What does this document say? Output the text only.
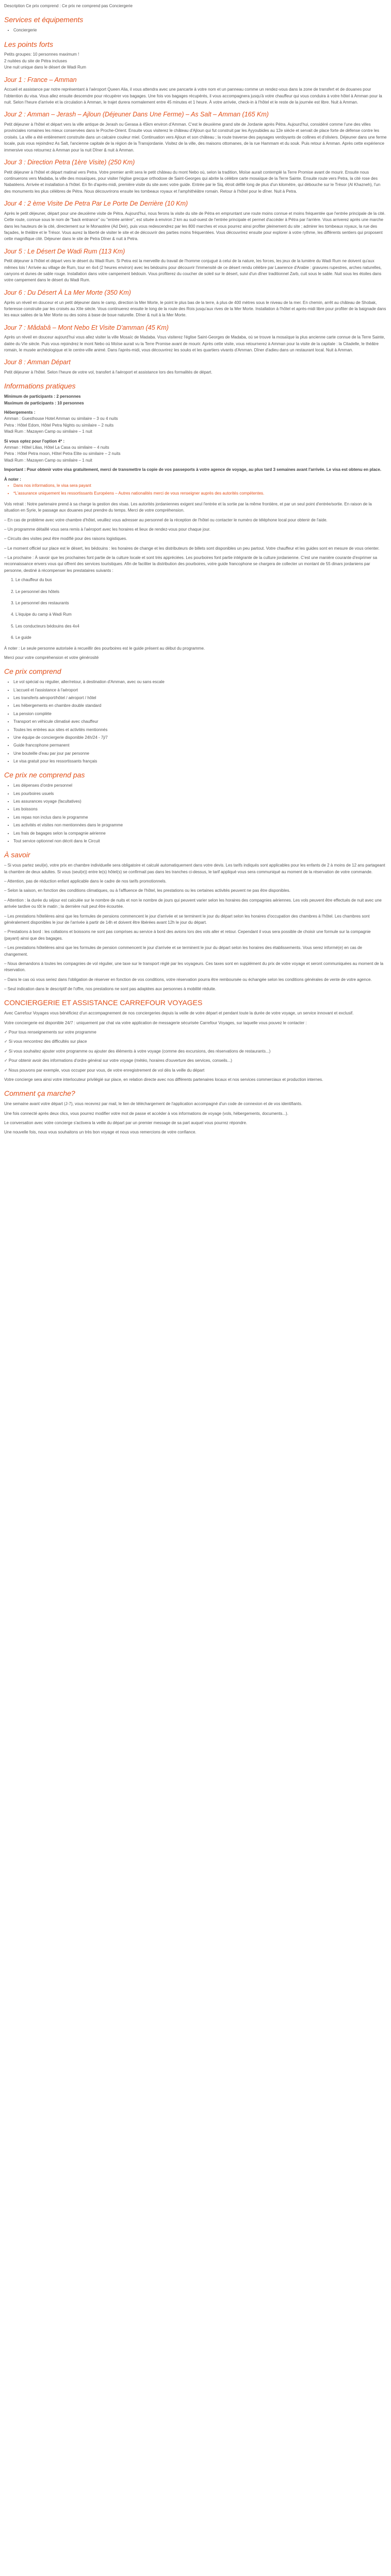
Description Ce prix comprend : Ce prix ne comprend pas Conciergerie

Services et équipements
• Conciergerie
Les points forts

Petits groupes: 10 personnes maximum !

2 nuitées du site de Pétra incluses

Une nuit unique dans le désert de Wadi Rum

Jour 1 : France – Amman

Accueil et assistance par notre représentant à l'aéroport Queen Alia, il vous attendra avec une pancarte à votre nom et un panneau comme un rendez-vous dans la zone de transfert et de douanes pour l'obtention du visa. Vous allez ensuite descendre pour récupérer vos bagages. Une fois vos bagages récupérés, il vous accompagnera jusqu'à votre chauffeur qui vous conduira à votre hôtel à Amman pour la nuit. Selon l'heure d'arrivée et la circulation à Amman, le trajet durera normalement entre 45 minutes et 1 heure. À votre arrivée, check-in à l'hôtel et le reste de la journée est libre. Nuit à Amman.

Jour 2 : Amman – Jerash – Ajloun (Déjeuner Dans Une Ferme) – As Salt – Amman (165 Km)

Petit déjeuner à l'hôtel et départ vers la ville antique de Jerash ou Gerasa à 45km environ d'Amman. C'est le deuxième grand site de Jordanie après Pétra. Aujourd'hui, considéré comme l'une des villes provinciales romaines les mieux conservées dans le Proche-Orient. Ensuite vous visiterez le château d'Ajloun qui fut construit par les Ayyoubides au 12e siècle et servait de place forte de défense contre les croisés. La ville a été entièrement construite dans un calcaire couleur miel. Continuation vers Ajloun et son château ; la route traverse des paysages verdoyants de collines et d'oliviers. Déjeuner dans une ferme locale, puis vous rejoindrez As Salt, l'ancienne capitale de la région de la Transjordanie. Visitez de la ville, des maisons ottomanes, de la rue Hammam et du souk. Puis retour à Amman. Après cette expérience immersive vous retournez à Amman pour la nuit Dîner & nuit à Amman.

Jour 3 : Direction Petra (1ère Visite) (250 Km)

Petit déjeuner à l'hôtel et départ matinal vers Petra. Votre premier arrêt sera le petit château du mont Nebo où, selon la tradition, Moïse aurait contemplé la Terre Promise avant de mourir. Ensuite nous continuerons vers Madaba, la ville des mosaïques, pour visiter l'église grecque orthodoxe de Saint-Georges qui abrite la célèbre carte mosaïque de la Terre Sainte. Ensuite route vers Petra, la cité rose des Nabatéens. Arrivée et installation à l'hôtel. En fin d'après-midi, première visite du site avec votre guide. Entrée par le Siq, étroit défilé long de plus d'un kilomètre, qui débouche sur le Trésor (Al Khazneh), l'un des monuments les plus célèbres de Pétra. Nous découvrirons ensuite les tombeaux royaux et l'amphithéâtre romain. Retour à l'hôtel pour le dîner. Nuit à Petra.

Jour 4 : 2 ème Visite De Petra Par Le Porte De Derrière (10 Km)

Après le petit déjeuner, départ pour une deuxième visite de Pétra. Aujourd'hui, nous ferons la visite du site de Pétra en empruntant une route moins connue et moins fréquentée que l'entrée principale de la cité. Cette route, connue sous le nom de "back entrance" ou "entrée arrière", est située à environ 2 km au sud-ouest de l'entrée principale et permet d'accéder à Pétra par l'arrière. Vous arriverez après une marche dans les hauteurs de la cité, directement sur le Monastère (Ad Deir), puis vous redescendrez par les 800 marches et vous pourrez ainsi profiter pleinement du site ; admirer les tombeaux royaux, la rue des façades, le théâtre et le Trésor. Vous aurez la liberté de visiter le site et de découvrir des parties moins fréquentées. Vous découvrirez ensuite pour explorer à votre rythme, les différents sentiers qui proposent cette magnifique cité. Déjeuner dans le site de Petra Dîner & nuit à Petra.

Jour 5 : Le Désert De Wadi Rum (113 Km)

Petit déjeuner à l'hôtel et départ vers le désert du Wadi Rum. Si Petra est la merveille du travail de l'homme conjugué à celui de la nature, les forces, les jeux de la lumière du Wadi Rum ne doivent qu'aux mêmes lois ! Arrivée au village de Rum, tour en 4x4 (2 heures environ) avec les bédouins pour découvrir l'immensité de ce désert rendu célèbre par Lawrence d'Arabie : gravures rupestres, arches naturelles, canyons et dunes de sable rouge. Installation dans votre campement bédouin. Vous profiterez du coucher de soleil sur le désert, suivi d'un dîner traditionnel Zarb, cuit sous le sable. Nuit sous les étoiles dans votre campement dans le désert du Wadi Rum.

Jour 6 : Du Désert À La Mer Morte (350 Km)

Après un réveil en douceur et un petit déjeuner dans le camp, direction la Mer Morte, le point le plus bas de la terre, à plus de 400 mètres sous le niveau de la mer. En chemin, arrêt au château de Shobak, forteresse construite par les croisés au XIIe siècle. Vous continuerez ensuite le long de la route des Rois jusqu'aux rives de la Mer Morte. Installation à l'hôtel et après-midi libre pour profiter de la baignade dans les eaux salées de la Mer Morte ou des soins à base de boue naturelle. Dîner & nuit à la Mer Morte.

Jour 7 : Mâdabâ – Mont Nebo Et Visite D'amman (45 Km)

Après un réveil en douceur aujourd'hui vous allez visiter la ville Mosaïc de Madaba. Vous visiterez l'église Saint-Georges de Madaba, où se trouve la mosaïque la plus ancienne carte connue de la Terre Sainte, datée du VIe siècle. Puis vous rejoindrez le mont Nebo où Moïse aurait vu la Terre Promise avant de mourir. Après cette visite, vous retournerez à Amman pour la visite de la capitale : la Citadelle, le théâtre romain, le musée archéologique et le centre-ville animé. Dans l'après-midi, vous découvrirez les souks et les quartiers vivants d'Amman. Dîner d'adieu dans un restaurant local. Nuit à Amman.

Jour 8 : Amman Départ

Petit déjeuner à l'hôtel. Selon l'heure de votre vol, transfert à l'aéroport et assistance lors des formalités de départ.

Informations pratiques

Minimum de participants : 2 personnes

Maximum de participants : 10 personnes

Hébergements :

Amman : Guesthouse Hotel Amman ou similaire – 3 ou 4 nuits

Petra : Hôtel Edom, Hôtel Petra Nights ou similaire – 2 nuits

Wadi Rum : Mazayen Camp ou similaire – 1 nuit

Si vous optez pour l'option 4* :

Amman : Hôtel Lilias, Hôtel La Casa ou similaire – 4 nuits

Petra : Hôtel Petra moon, Hôtel Petra Elite ou similaire – 2 nuits

Wadi Rum : Mazayen Camp ou similaire – 1 nuit

Important : Pour obtenir votre visa gratuitement, merci de transmettre la copie de vos passeports à votre agence de voyage, au plus tard 3 semaines avant l'arrivée. Le visa est obtenu en place.

À noter :

• Dans nos informations, le visa sera payant
• *L'assurance uniquement les ressortissants Européens – Autres nationalités merci de vous renseigner auprès des autorités compétentes.

Vols retrait : Notre partenaire prend à sa charge la gestion des visas. Les autorités jordaniennes exigent seul l'entrée et la sortie par la même frontière, et par un seul point d'entrée/sortie. En raison de la situation en Syrie, le passage aux douanes peut prendre du temps. Merci de votre compréhension.

– En cas de problème avec votre chambre d'hôtel, veuillez vous adresser au personnel de la réception de l'hôtel ou contacter le numéro de téléphone local pour obtenir de l'aide.

– Un programme détaillé vous sera remis à l'aéroport avec les horaires et lieux de rendez-vous pour chaque jour.

– Circuits des visites peut être modifié pour des raisons logistiques.

– Le moment officiel sur place est le désert, les bédouins : les horaires de change et les distributeurs de billets sont disponibles un peu partout. Votre chauffeur et les guides sont en mesure de vous orienter.

– La prochaine : À savoir que les prochaines font partie de la culture locale et sont très appréciées. Les pourboires font partie intégrante de la culture jordanienne. C'est une manière courante d'exprimer sa reconnaissance envers vous qui offrent des services touristiques. Afin de faciliter la distribution des pourboires, votre guide francophone se chargera de collecter un montant de 55 dinars jordaniens par personne, destiné à récompenser les prestataires suivants :

1. Le chauffeur du bus
2. Le personnel des hôtels
3. Le personnel des restaurants
4. L'équipe du camp à Wadi Rum
5. Les conducteurs bédouins des 4x4
6. Le guide

À noter : Le seule personne autorisée à recueillir des pourboires est le guide présent au début du programme.

Merci pour votre compréhension et votre générosité

Ce prix comprend
• Le vol spécial ou régulier, aller/retour, à destination d'Amman, avec ou sans escale
• L'accueil et l'assistance à l'aéroport
• Les transferts aéroport/hôtel / aéroport / hôtel
• Les hébergements en chambre double standard
• La pension complète
• Transport en véhicule climatisé avec chauffeur
• Toutes les entrées aux sites et activités mentionnés
• Une équipe de conciergerie disponible 24h/24 - 7j/7
• Guide francophone permanent
• Une bouteille d'eau par jour par personne
• Le visa gratuit pour les ressortissants français
Ce prix ne comprend pas
• Les dépenses d'ordre personnel
• Les pourboires usuels
• Les assurances voyage (facultatives)
• Les boissons
• Les repas non inclus dans le programme
• Les activités et visites non mentionnées dans le programme
• Les frais de bagages selon la compagnie aérienne
• Tout service optionnel non décrit dans le Circuit
À savoir

– Si vous partez seul(e), votre prix en chambre individuelle sera obligatoire et calculé automatiquement dans votre devis. Les tarifs indiqués sont applicables pour les enfants de 2 à moins de 12 ans partageant la chambre de deux adultes. Si vous (seul(e)) entre le(s) hôtel(s) se confirmait pas dans les tranches ci-dessus, le tarif appliqué vous sera communiqué au moment de la réservation de votre commande.

– Attention, pas de réduction enfant applicable dans le cadre de nos tarifs promotionnels.

– Selon la saison, en fonction des conditions climatiques, ou à l'affluence de l'hôtel, les prestations ou les certaines activités peuvent ne pas être disponibles.

– Attention : la durée du séjour est calculée sur le nombre de nuits et non le nombre de jours qui peuvent varier selon les horaires des compagnies aériennes. Les vols peuvent être effectués de nuit avec une arrivée tardive ou tôt le matin ; la dernière nuit peut être écourtée.

– Les prestations hôtelières ainsi que les formules de pensions commencent le jour d'arrivée et se terminent le jour du départ selon les horaires d'occupation des chambres à l'hôtel. Les chambres sont généralement disponibles le jour de l'arrivée à partir de 14h et doivent être libérées avant 12h le jour du départ.

– Prestations à bord : les collations et boissons ne sont pas comprises au service à bord des avions lors des vols aller et retour. Cependant il vous sera possible de choisir une formule sur la compagnie (payant) ainsi que des bagages.

– Les prestations hôtelières ainsi que les formules de pension commencent le jour d'arrivée et se terminent le jour du départ selon les horaires des établissements. Vous serez informé(e) en cas de changement.

– Nous demandons à toutes les compagnies de vol régulier, une taxe sur le transport réglé par les voyageurs. Ces taxes sont en supplément du prix de votre voyage et seront communiquées au moment de la réservation.

– Dans le cas où vous seriez dans l'obligation de réserver en fonction de vos conditions, votre réservation pourra être remboursée ou échangée selon les conditions générales de vente de votre agence.

– Seul indication dans le descriptif de l'offre, nos prestations ne sont pas adaptées aux personnes à mobilité réduite.

CONCIERGERIE ET ASSISTANCE CARREFOUR VOYAGES

Avec Carrefour Voyages vous bénéficiez d'un accompagnement de nos conciergeries depuis la veille de votre départ et pendant toute la durée de votre voyage, un service innovant et exclusif.

Votre conciergerie est disponible 24/7 : uniquement par chat via votre application de messagerie sécurisée Carrefour Voyages, sur laquelle vous pouvez le contacter :

✓ Pour tous renseignements sur votre programme

✓ Si vous rencontrez des difficultés sur place

✓ Si vous souhaitez ajouter votre programme ou ajouter des éléments à votre voyage (comme des excursions, des réservations de restaurants...)

✓ Pour obtenir avoir des informations d'ordre général sur votre voyage (météo, horaires d'ouverture des services, conseils...)

✓ Nous pouvons par exemple, vous occuper pour vous, de votre enregistrement de vol dès la veille du départ

Votre concierge sera ainsi votre interlocuteur privilégié sur place, en relation directe avec nos différents partenaires locaux et nos services commerciaux et production internes.

Comment ça marche?

Une semaine avant votre départ (J-7), vous recevrez par mail, le lien de téléchargement de l'application accompagné d'un code de connexion et de vos identifiants.

Une fois connecté après deux clics, vous pourrez modifier votre mot de passe et accéder à vos informations de voyage (vols, hébergements, documents...).

Le conversation avec votre concierge s'activera la veille du départ par un premier message de sa part auquel vous pourrez répondre.

Une nouvelle fois, nous vous souhaitons un très bon voyage et nous vous remercions de votre confiance.
